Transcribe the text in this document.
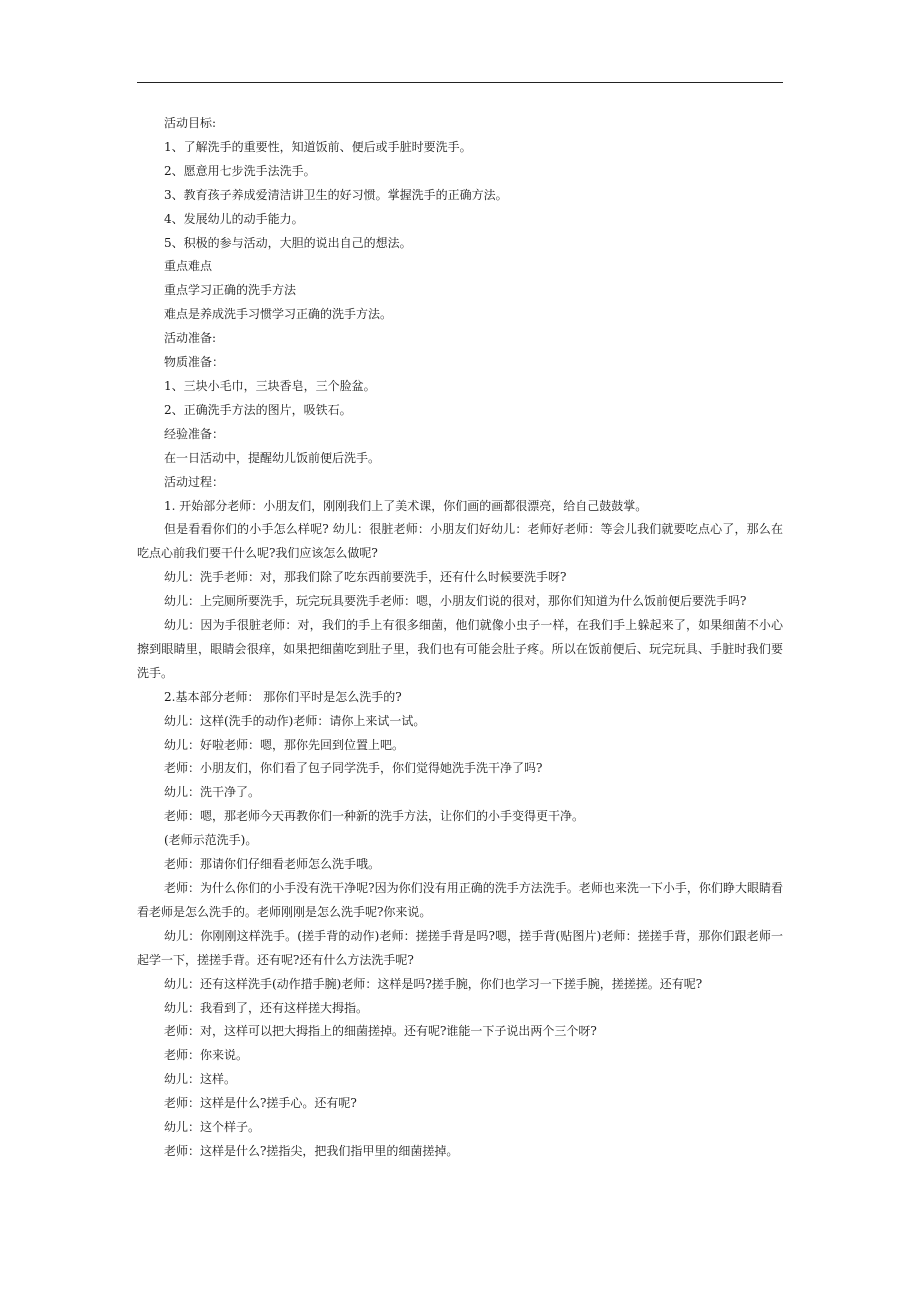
活动目标:
1、了解洗手的重要性，知道饭前、便后或手脏时要洗手。
2、愿意用七步洗手法洗手。
3、教育孩子养成爱清洁讲卫生的好习惯。掌握洗手的正确方法。
4、发展幼儿的动手能力。
5、积极的参与活动，大胆的说出自己的想法。
重点难点
重点学习正确的洗手方法
难点是养成洗手习惯学习正确的洗手方法。
活动准备:
物质准备：
1、三块小毛巾，三块香皂，三个脸盆。
2、正确洗手方法的图片，吸铁石。
经验准备：
在一日活动中，提醒幼儿饭前便后洗手。
活动过程：
1. 开始部分老师：小朋友们，刚刚我们上了美术课，你们画的画都很漂亮，给自己鼓鼓掌。
但是看看你们的小手怎么样呢? 幼儿：很脏老师：小朋友们好幼儿：老师好老师：等会儿我们就要吃点心了，那么在吃点心前我们要干什么呢?我们应该怎么做呢?
幼儿：洗手老师：对，那我们除了吃东西前要洗手，还有什么时候要洗手呀?
幼儿：上完厕所要洗手，玩完玩具要洗手老师：嗯，小朋友们说的很对，那你们知道为什么饭前便后要洗手吗?
幼儿：因为手很脏老师：对，我们的手上有很多细菌，他们就像小虫子一样，在我们手上躲起来了，如果细菌不小心擦到眼睛里，眼睛会很痒，如果把细菌吃到肚子里，我们也有可能会肚子疼。所以在饭前便后、玩完玩具、手脏时我们要洗手。
2.基本部分老师： 那你们平时是怎么洗手的?
幼儿：这样(洗手的动作)老师：请你上来试一试。
幼儿：好啦老师：嗯，那你先回到位置上吧。
老师：小朋友们，你们看了包子同学洗手，你们觉得她洗手洗干净了吗?
幼儿：洗干净了。
老师：嗯，那老师今天再教你们一种新的洗手方法，让你们的小手变得更干净。
(老师示范洗手)。
老师：那请你们仔细看老师怎么洗手哦。
老师：为什么你们的小手没有洗干净呢?因为你们没有用正确的洗手方法洗手。老师也来洗一下小手，你们睁大眼睛看看老师是怎么洗手的。老师刚刚是怎么洗手呢?你来说。
幼儿：你刚刚这样洗手。(搓手背的动作)老师：搓搓手背是吗?嗯，搓手背(贴图片)老师：搓搓手背，那你们跟老师一起学一下，搓搓手背。还有呢?还有什么方法洗手呢?
幼儿：还有这样洗手(动作措手腕)老师：这样是吗?搓手腕，你们也学习一下搓手腕，搓搓搓。还有呢?
幼儿：我看到了，还有这样搓大拇指。
老师：对，这样可以把大拇指上的细菌搓掉。还有呢?谁能一下子说出两个三个呀?
老师：你来说。
幼儿：这样。
老师：这样是什么?搓手心。还有呢?
幼儿：这个样子。
老师：这样是什么?搓指尖，把我们指甲里的细菌搓掉。
